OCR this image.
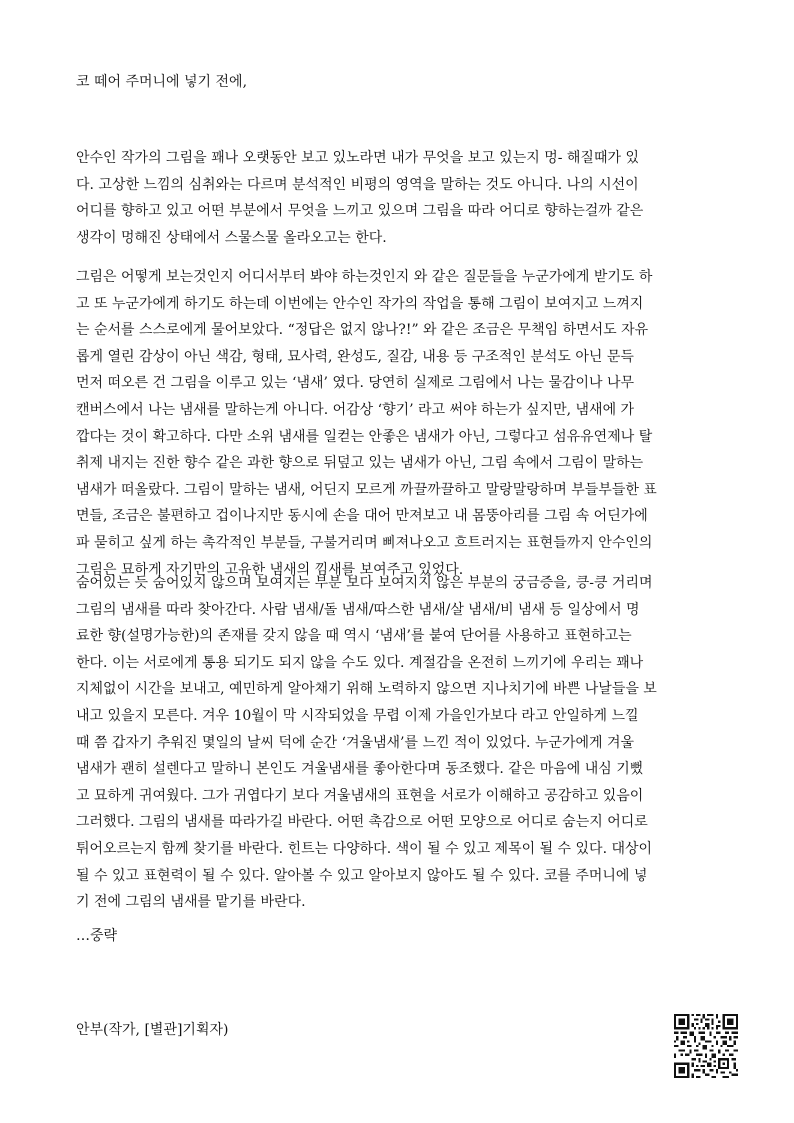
코 떼어 주머니에 넣기 전에,
안수인 작가의 그림을 꽤나 오랫동안 보고 있노라면 내가 무엇을 보고 있는지 멍- 해질때가 있
다. 고상한 느낌의 심취와는 다르며 분석적인 비평의 영역을 말하는 것도 아니다. 나의 시선이
어디를 향하고 있고 어떤 부분에서 무엇을 느끼고 있으며 그림을 따라 어디로 향하는걸까 같은
생각이 멍해진 상태에서 스물스물 올라오고는 한다.
그림은 어떻게 보는것인지 어디서부터 봐야 하는것인지 와 같은 질문들을 누군가에게 받기도 하
고 또 누군가에게 하기도 하는데 이번에는 안수인 작가의 작업을 통해 그림이 보여지고 느껴지
는 순서를 스스로에게 물어보았다. “정답은 없지 않나?!” 와 같은 조금은 무책임 하면서도 자유
롭게 열린 감상이 아닌 색감, 형태, 묘사력, 완성도, 질감, 내용 등 구조적인 분석도 아닌 문득
먼저 떠오른 건 그림을 이루고 있는 ‘냄새’ 였다. 당연히 실제로 그림에서 나는 물감이나 나무
캔버스에서 나는 냄새를 말하는게 아니다. 어감상 ‘향기’ 라고 써야 하는가 싶지만, 냄새에 가
깝다는 것이 확고하다. 다만 소위 냄새를 일컫는 안좋은 냄새가 아닌, 그렇다고 섬유유연제나 탈
취제 내지는 진한 향수 같은 과한 향으로 뒤덮고 있는 냄새가 아닌, 그림 속에서 그림이 말하는
냄새가 떠올랐다. 그림이 말하는 냄새, 어딘지 모르게 까끌까끌하고 말랑말랑하며 부들부들한 표
면들, 조금은 불편하고 겁이나지만 동시에 손을 대어 만져보고 내 몸뚱아리를 그림 속 어딘가에
파 묻히고 싶게 하는 촉각적인 부분들, 구불거리며 삐져나오고 흐트러지는 표현들까지 안수인의
그림은 묘하게 자기만의 고유한 냄새의 낌새를 보여주고 있었다.
숨어있는 듯 숨어있지 않으며 보여지는 부분 보다 보여지지 않은 부분의 궁금증을, 킁-킁 거리며
그림의 냄새를 따라 찾아간다. 사람 냄새/돌 냄새/따스한 냄새/살 냄새/비 냄새 등 일상에서 명
료한 향(설명가능한)의 존재를 갖지 않을 때 역시 ‘냄새’를 붙여 단어를 사용하고 표현하고는
한다. 이는 서로에게 통용 되기도 되지 않을 수도 있다. 계절감을 온전히 느끼기에 우리는 꽤나
지체없이 시간을 보내고, 예민하게 알아채기 위해 노력하지 않으면 지나치기에 바쁜 나날들을 보
내고 있을지 모른다. 겨우 10월이 막 시작되었을 무렵 이제 가을인가보다 라고 안일하게 느낄
때 쯤 갑자기 추워진 몇일의 날씨 덕에 순간 ‘겨울냄새’를 느낀 적이 있었다. 누군가에게 겨울
냄새가 괜히 설렌다고 말하니 본인도 겨울냄새를 좋아한다며 동조했다. 같은 마음에 내심 기뻤
고 묘하게 귀여웠다. 그가 귀엽다기 보다 겨울냄새의 표현을 서로가 이해하고 공감하고 있음이
그러했다. 그림의 냄새를 따라가길 바란다. 어떤 촉감으로 어떤 모양으로 어디로 숨는지 어디로
튀어오르는지 함께 찾기를 바란다. 힌트는 다양하다. 색이 될 수 있고 제목이 될 수 있다. 대상이
될 수 있고 표현력이 될 수 있다. 알아볼 수 있고 알아보지 않아도 될 수 있다. 코를 주머니에 넣
기 전에 그림의 냄새를 맡기를 바란다.
…중략
안부(작가, [별관]기획자)
